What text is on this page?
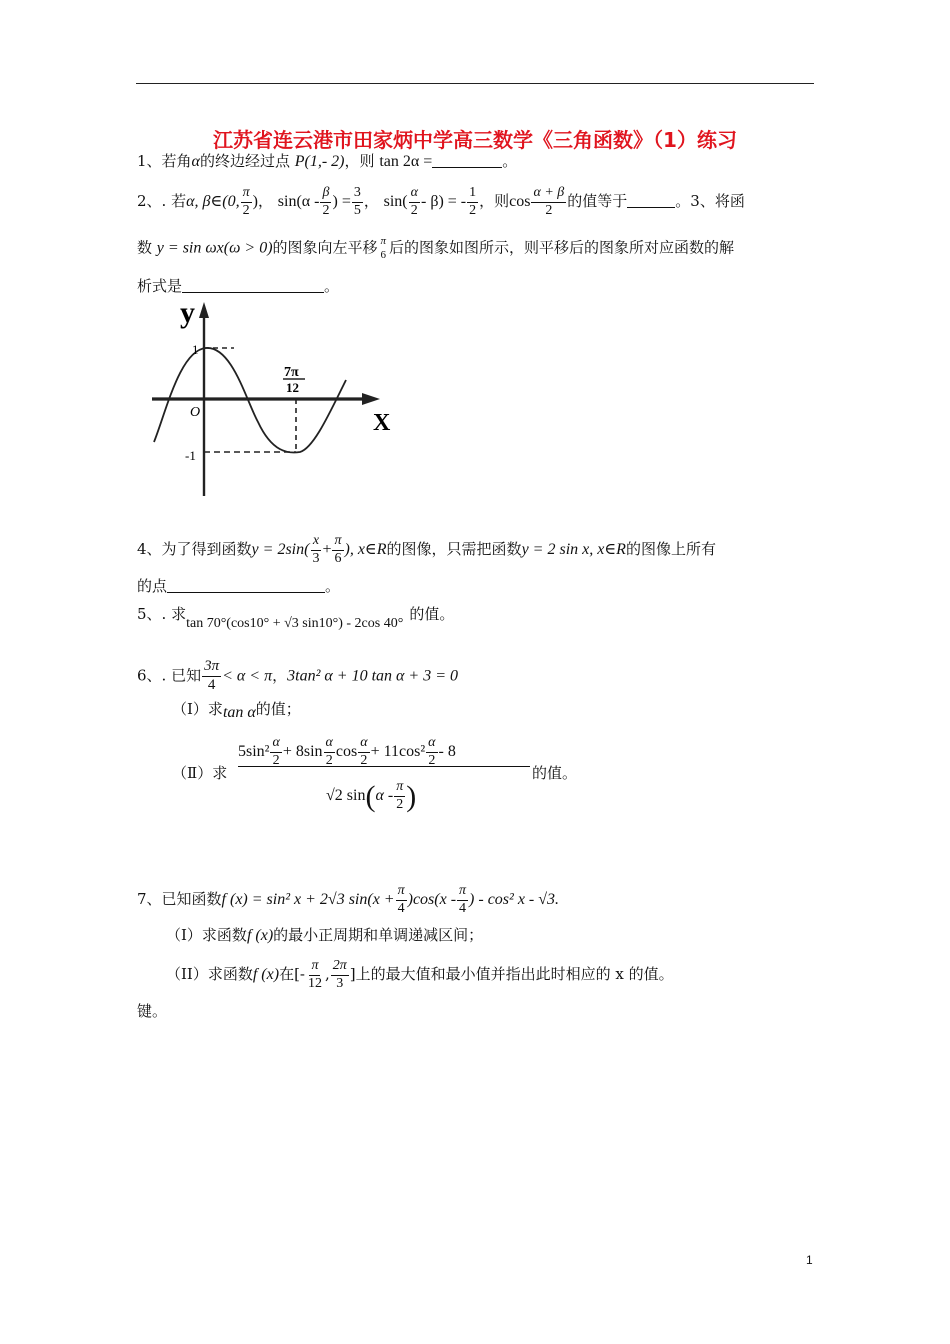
江苏省连云港市田家炳中学高三数学《三角函数》（1）练习
1、若角α的终边经过点 P(1,- 2)，则 tan 2α =	。
2、. 若α, β∈(0, $\frac{\pi}{2}$ )， $\sin(\alpha - \frac{\beta}{2}$ ) = $\frac{3}{5}$ ， $\sin( \frac{\alpha}{2} - \beta)$ = - $\frac{1}{2}$ ，则$\cos \frac{\alpha + \beta}{2}$ 的值等于	。3、将函
数 y = sin ωx(ω > 0)的图象向左平移 π
6 后的图象如图所示，则平移后的图象所对应函数的解
析式是	。
y
X
O
1
-1
7π
12
4、为了得到函数$y = 2\sin( \frac{x}{3} + \frac{\pi}{6}$ ), x∈R的图像，只需把函数y = 2 sin x, x∈R的图像上所有
的点	。
5、. 求tan 70°(cos10° + √3 sin10°) - 2cos 40°的值。
6、. 已知 $\frac{3\pi}{4} < \alpha < \pi$，3tan² α + 10 tan α + 3 = 0
（Ⅰ）求tan α的值；
（Ⅱ）求
$\frac{5\sin^2 \frac{\alpha}{2} + 8\sin \frac{\alpha}{2} \cos \frac{\alpha}{2} + 11\cos^2 \frac{\alpha}{2} - 8}{√2 \sin(\alpha - \frac{\pi}{2} )}$
的值。
7、已知函数f (x) = sin² x + 2√3 $\sin(x + \frac{\pi}{4} )\cos(x - \frac{\pi}{4}$ ) - cos² x - √3.
（I）求函数f (x)的最小正周期和单调递减区间；
（II）求函数f (x)在[- $\frac{\pi}{12}$ , $\frac{2\pi}{3}$ ]上的最大值和最小值并指出此时相应的 x 的值。
键。
1
